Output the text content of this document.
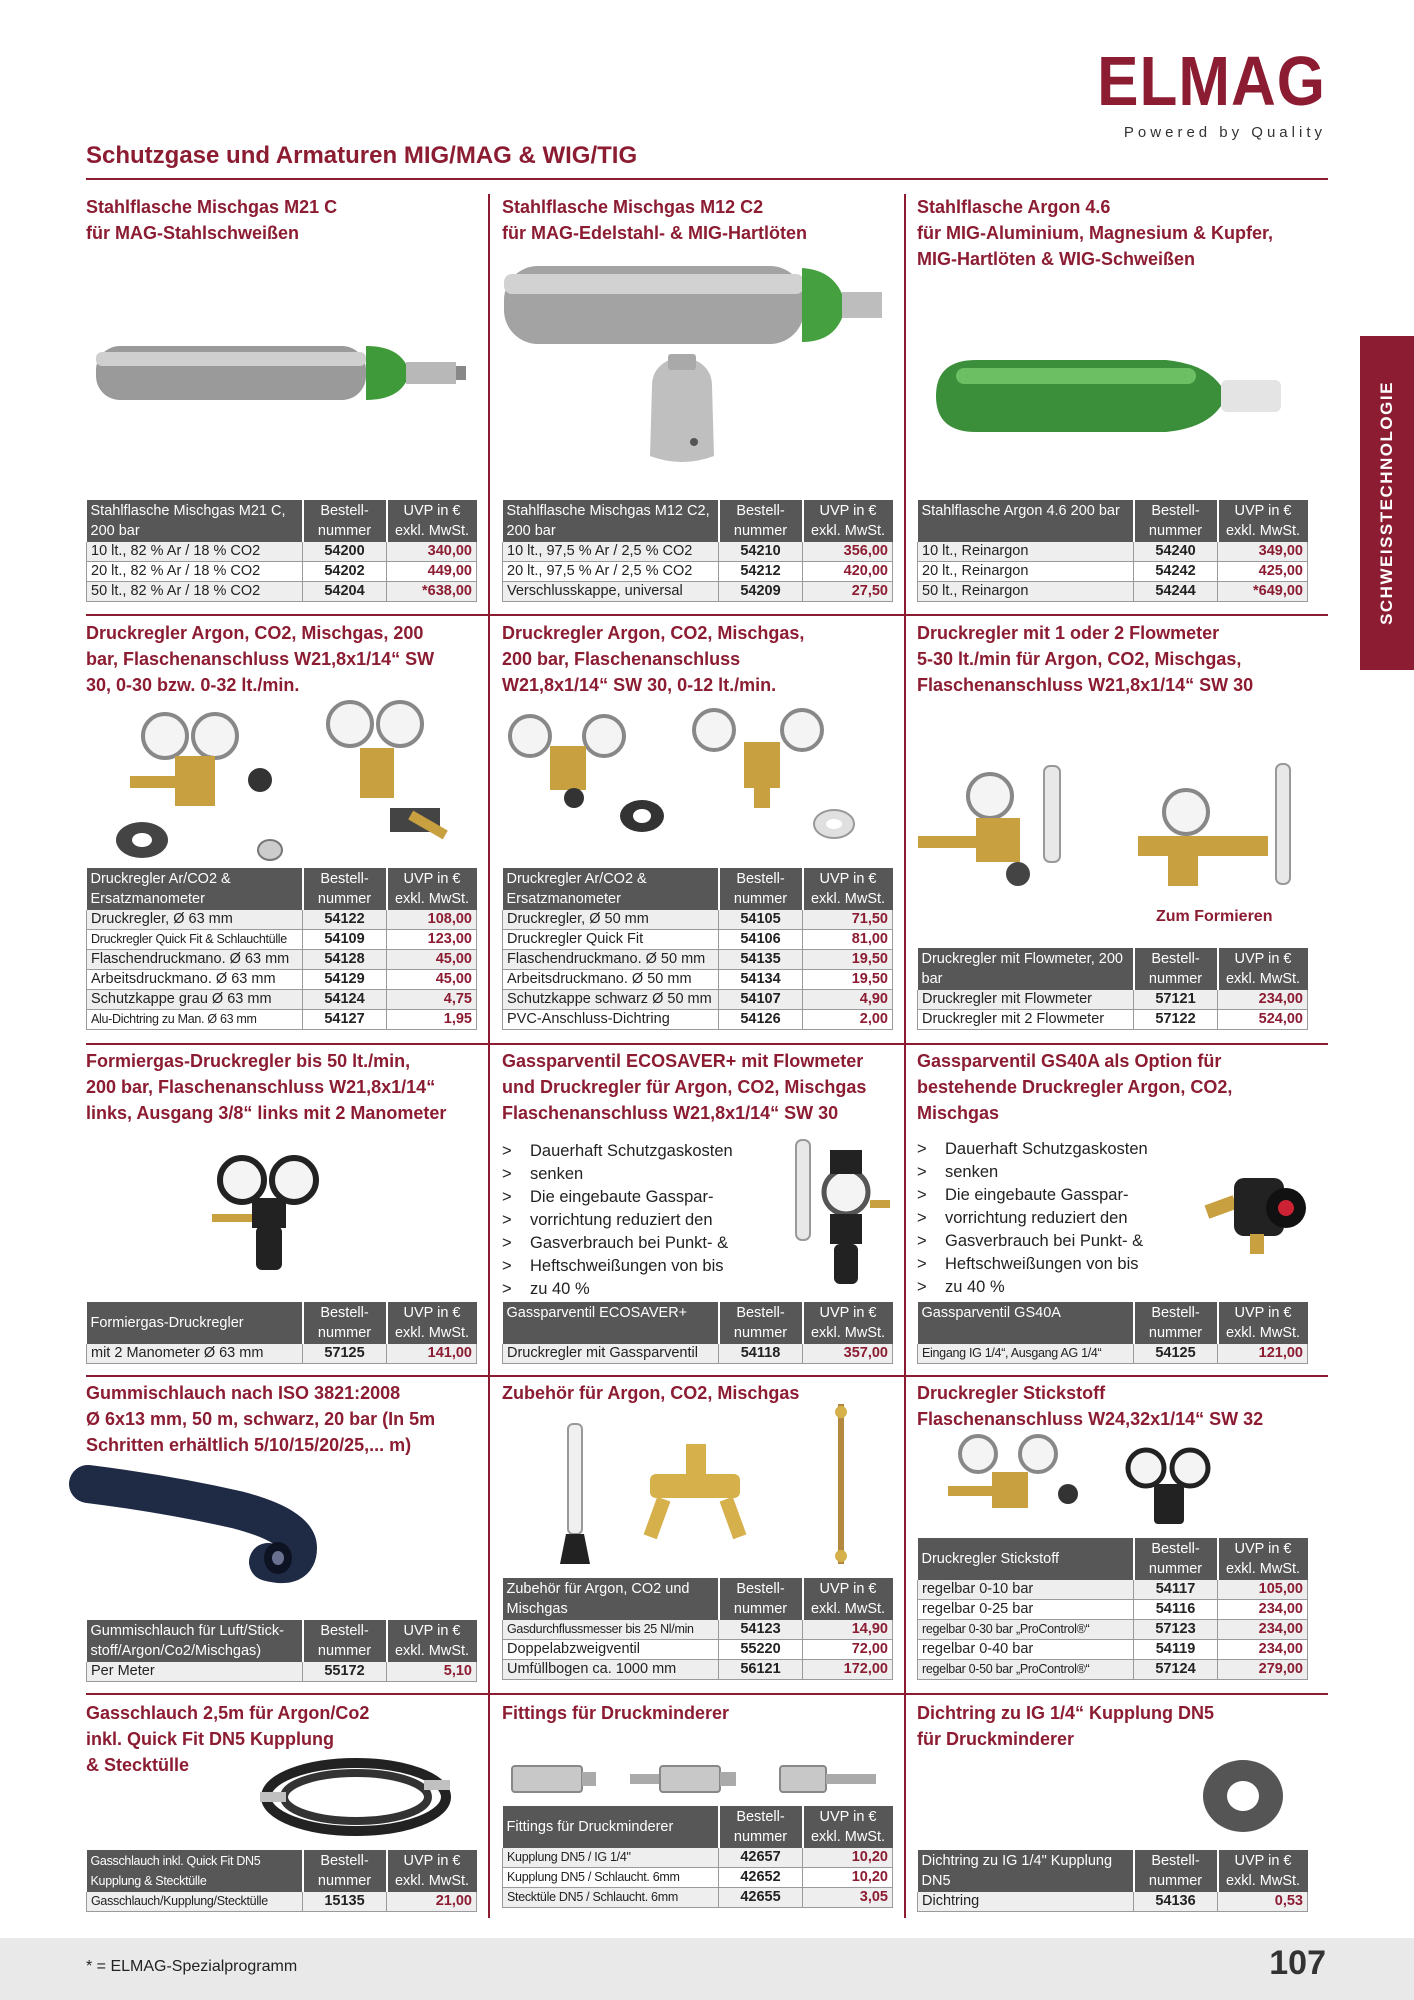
ELMAG
Powered by Quality
Schutzgase und Armaturen MIG/MAG & WIG/TIG
SCHWEISSTECHNOLOGIE
Stahlflasche Mischgas M21 C
für MAG-Stahlschweißen
Stahlflasche Mischgas M21 C, 200 bar	Bestell-nummer	UVP in € exkl. MwSt.
10 lt., 82 % Ar / 18 % CO2	54200	340,00
20 lt., 82 % Ar / 18 % CO2	54202	449,00
50 lt., 82 % Ar / 18 % CO2	54204	*638,00
Stahlflasche Mischgas M12 C2
für MAG-Edelstahl- & MIG-Hartlöten
Stahlflasche Mischgas M12 C2, 200 bar	Bestell-nummer	UVP in € exkl. MwSt.
10 lt., 97,5 % Ar / 2,5 % CO2	54210	356,00
20 lt., 97,5 % Ar / 2,5 % CO2	54212	420,00
Verschlusskappe, universal	54209	27,50
Stahlflasche Argon 4.6
für MIG-Aluminium, Magnesium & Kupfer,
MIG-Hartlöten & WIG-Schweißen
Stahlflasche Argon 4.6 200 bar	Bestell-nummer	UVP in € exkl. MwSt.
10 lt., Reinargon	54240	349,00
20 lt., Reinargon	54242	425,00
50 lt., Reinargon	54244	*649,00
Druckregler Argon, CO2, Mischgas, 200
bar, Flaschenanschluss W21,8x1/14“ SW
30, 0-30 bzw. 0-32 lt./min.
Druckregler Ar/CO2 & Ersatzmanometer	Bestell-nummer	UVP in € exkl. MwSt.
Druckregler, Ø 63 mm	54122	108,00
Druckregler Quick Fit & Schlauchtülle	54109	123,00
Flaschendruckmano. Ø 63 mm	54128	45,00
Arbeitsdruckmano. Ø 63 mm	54129	45,00
Schutzkappe grau Ø 63 mm	54124	4,75
Alu-Dichtring zu Man. Ø 63 mm	54127	1,95
Druckregler Argon, CO2, Mischgas,
200 bar, Flaschenanschluss
W21,8x1/14“ SW 30, 0-12 lt./min.
Druckregler Ar/CO2 & Ersatzmanometer	Bestell-nummer	UVP in € exkl. MwSt.
Druckregler, Ø 50 mm	54105	71,50
Druckregler Quick Fit	54106	81,00
Flaschendruckmano. Ø 50 mm	54135	19,50
Arbeitsdruckmano. Ø 50 mm	54134	19,50
Schutzkappe schwarz Ø 50 mm	54107	4,90
PVC-Anschluss-Dichtring	54126	2,00
Druckregler mit 1 oder 2 Flowmeter
5-30 lt./min für Argon, CO2, Mischgas,
Flaschenanschluss W21,8x1/14“ SW 30
Zum Formieren
Druckregler mit Flowmeter, 200 bar	Bestell-nummer	UVP in € exkl. MwSt.
Druckregler mit Flowmeter	57121	234,00
Druckregler mit 2 Flowmeter	57122	524,00
Formiergas-Druckregler bis 50 lt./min,
200 bar, Flaschenanschluss W21,8x1/14“
links, Ausgang 3/8“ links mit 2 Manometer
Formiergas-Druckregler	Bestell-nummer	UVP in € exkl. MwSt.
mit 2 Manometer Ø 63 mm	57125	141,00
Gassparventil ECOSAVER+ mit Flowmeter
und Druckregler für Argon, CO2, Mischgas
Flaschenanschluss W21,8x1/14“ SW 30
> Dauerhaft Schutzgaskosten
> senken
> Die eingebaute Gasspar-
> vorrichtung reduziert den
> Gasverbrauch bei Punkt- &
> Heftschweißungen von bis
> zu 40 %
Gassparventil ECOSAVER+	Bestell-nummer	UVP in € exkl. MwSt.
Druckregler mit Gassparventil	54118	357,00
Gassparventil GS40A als Option für
bestehende Druckregler Argon, CO2,
Mischgas
> Dauerhaft Schutzgaskosten
> senken
> Die eingebaute Gasspar-
> vorrichtung reduziert den
> Gasverbrauch bei Punkt- &
> Heftschweißungen von bis
> zu 40 %
Gassparventil GS40A	Bestell-nummer	UVP in € exkl. MwSt.
Eingang IG 1/4“, Ausgang AG 1/4“	54125	121,00
Gummischlauch nach ISO 3821:2008
Ø 6x13 mm, 50 m, schwarz, 20 bar (In 5m
Schritten erhältlich 5/10/15/20/25,... m)
Gummischlauch für Luft/Stick-stoff/Argon/Co2/Mischgas)	Bestell-nummer	UVP in € exkl. MwSt.
Per Meter	55172	5,10
Zubehör für Argon, CO2, Mischgas
Zubehör für Argon, CO2 und Mischgas	Bestell-nummer	UVP in € exkl. MwSt.
Gasdurchflussmesser bis 25 Nl/min	54123	14,90
Doppelabzweigventil	55220	72,00
Umfüllbogen ca. 1000 mm	56121	172,00
Druckregler Stickstoff
Flaschenanschluss W24,32x1/14“ SW 32
Druckregler Stickstoff	Bestell-nummer	UVP in € exkl. MwSt.
regelbar 0-10 bar	54117	105,00
regelbar 0-25 bar	54116	234,00
regelbar 0-30 bar „ProControl®“	57123	234,00
regelbar 0-40 bar	54119	234,00
regelbar 0-50 bar „ProControl®“	57124	279,00
Gasschlauch 2,5m für Argon/Co2
inkl. Quick Fit DN5 Kupplung
& Stecktülle
Gasschlauch inkl. Quick Fit DN5 Kupplung & Stecktülle	Bestell-nummer	UVP in € exkl. MwSt.
Gasschlauch/Kupplung/Stecktülle	15135	21,00
Fittings für Druckminderer
Fittings für Druckminderer	Bestell-nummer	UVP in € exkl. MwSt.
Kupplung DN5 / IG 1/4"	42657	10,20
Kupplung DN5 / Schlaucht. 6mm	42652	10,20
Stecktüle DN5 / Schlaucht. 6mm	42655	3,05
Dichtring zu IG 1/4“ Kupplung DN5
für Druckminderer
Dichtring zu IG 1/4" Kupplung DN5	Bestell-nummer	UVP in € exkl. MwSt.
Dichtring	54136	0,53
* = ELMAG-Spezialprogramm	107
